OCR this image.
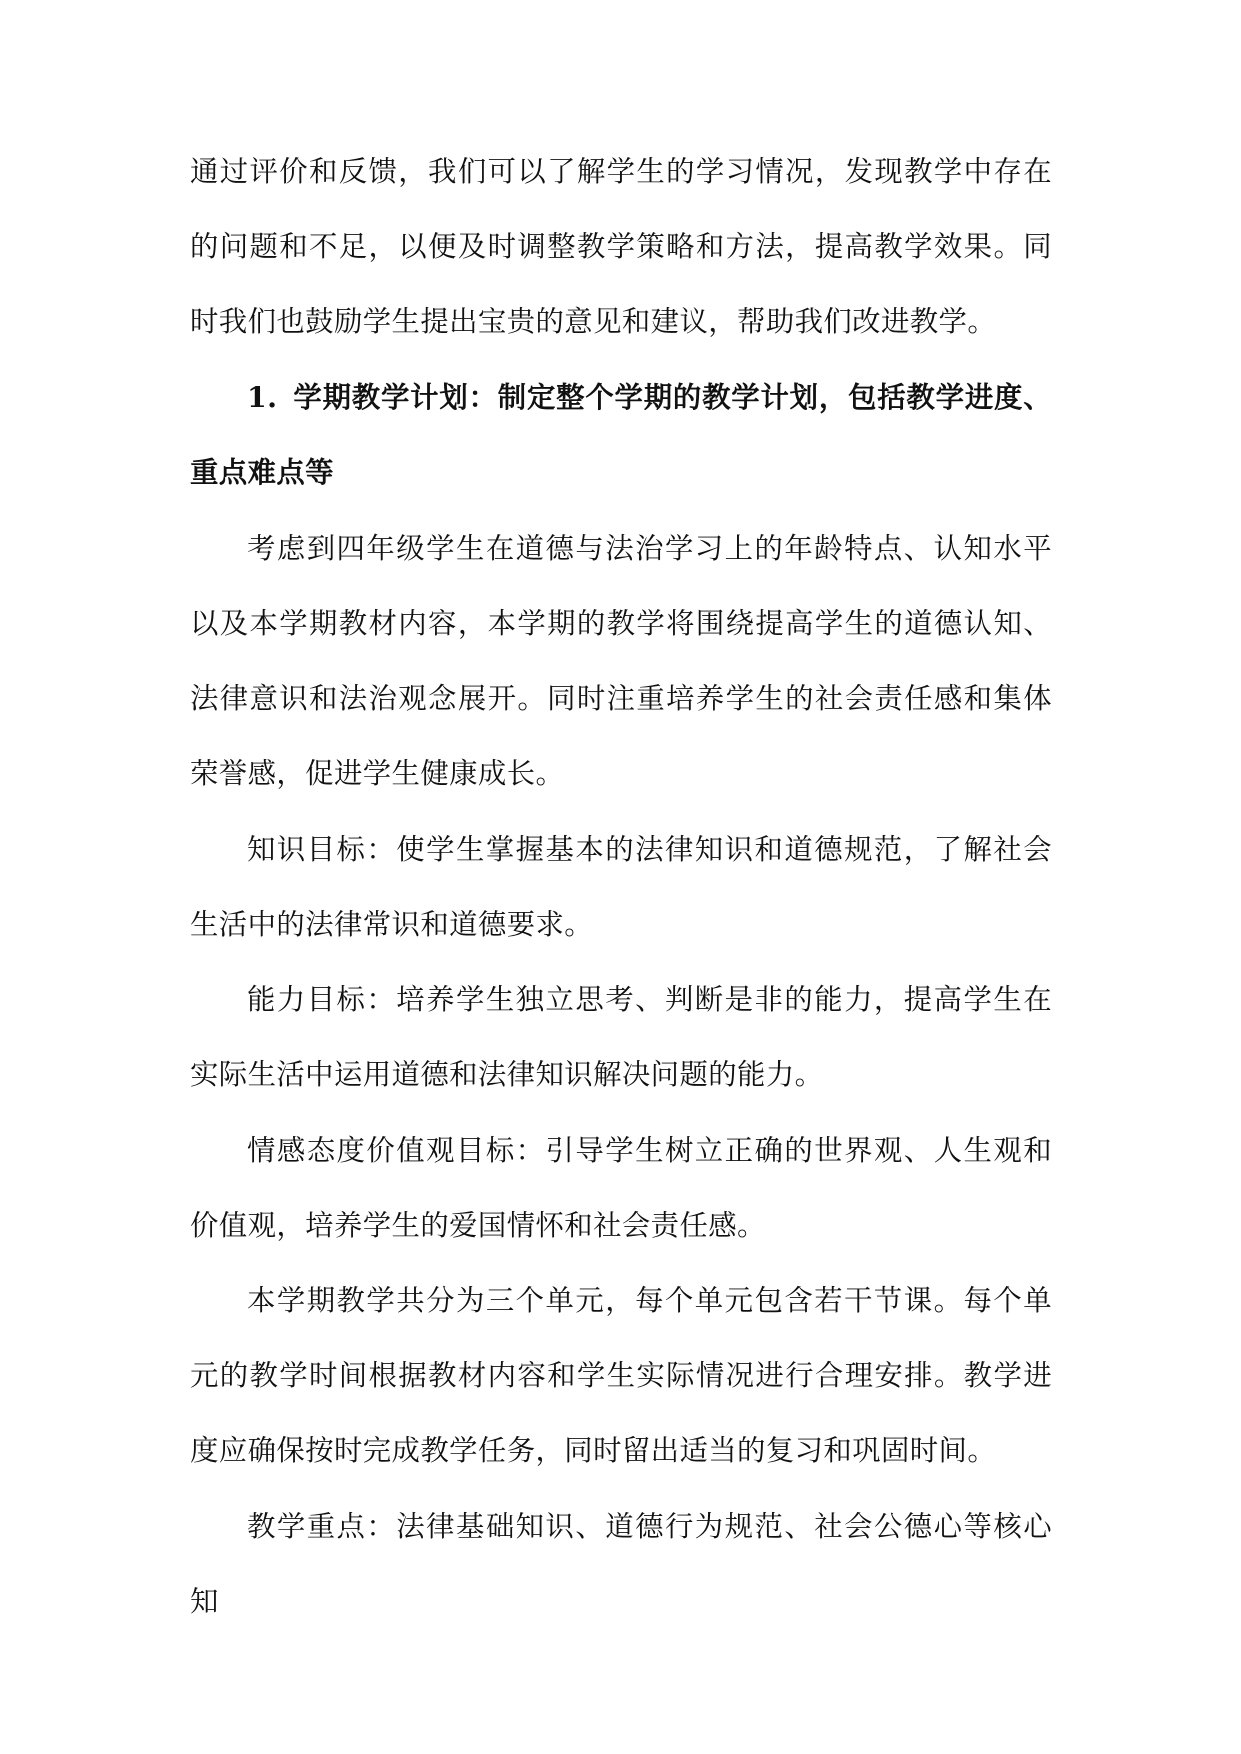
通过评价和反馈，我们可以了解学生的学习情况，发现教学中存在的问题和不足，以便及时调整教学策略和方法，提高教学效果。同时我们也鼓励学生提出宝贵的意见和建议，帮助我们改进教学。

1. 学期教学计划：制定整个学期的教学计划，包括教学进度、重点难点等

考虑到四年级学生在道德与法治学习上的年龄特点、认知水平以及本学期教材内容，本学期的教学将围绕提高学生的道德认知、法律意识和法治观念展开。同时注重培养学生的社会责任感和集体荣誉感，促进学生健康成长。

知识目标：使学生掌握基本的法律知识和道德规范，了解社会生活中的法律常识和道德要求。

能力目标：培养学生独立思考、判断是非的能力，提高学生在实际生活中运用道德和法律知识解决问题的能力。

情感态度价值观目标：引导学生树立正确的世界观、人生观和价值观，培养学生的爱国情怀和社会责任感。

本学期教学共分为三个单元，每个单元包含若干节课。每个单元的教学时间根据教材内容和学生实际情况进行合理安排。教学进度应确保按时完成教学任务，同时留出适当的复习和巩固时间。

教学重点：法律基础知识、道德行为规范、社会公德心等核心知
